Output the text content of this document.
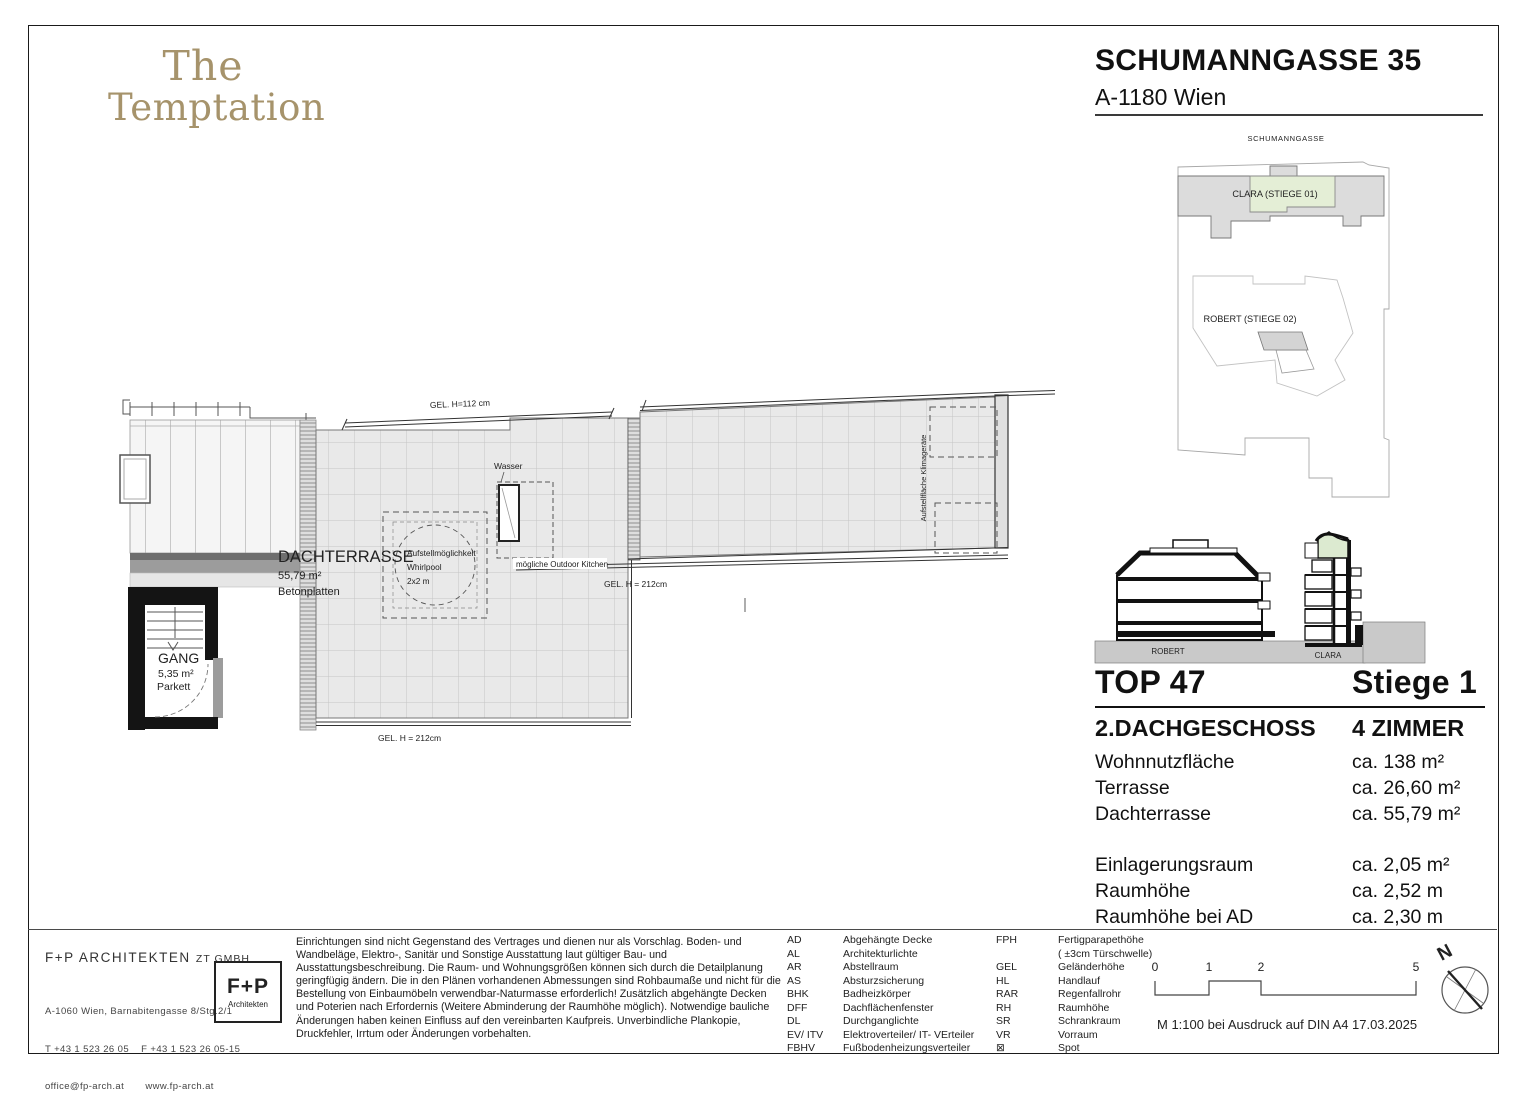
The
Temptation
SCHUMANNGASSE 35
A-1180 Wien
SCHUMANNGASSE
CLARA (STIEGE 01)
ROBERT (STIEGE 02)
GANG
5,35 m²
Parkett
GEL. H=112 cm
Aufstellfläche Klimageräte
GEL. H = 212cm
GEL. H = 212cm
Aufstellmöglichkeit
Whirlpool
2x2 m
Wasser
mögliche Outdoor Kitchen
DACHTERRASSE
55,79 m²
Betonplatten
ROBERT	CLARA
TOP 47	Stiege 1
2.DACHGESCHOSS	4 ZIMMER
Wohnnutzfläche	ca. 138 m²
Terrasse	ca. 26,60 m²
Dachterrasse	ca. 55,79 m²
Einlagerungsraum	ca. 2,05 m²
Raumhöhe	ca. 2,52 m
Raumhöhe bei AD	ca. 2,30 m
F+P ARCHITEKTEN ZT GMBH

A-1060 Wien, Barnabitengasse 8/Stg.2/1

T +43 1 523 26 05    F +43 1 523 26 05-15

office@fp-arch.at       www.fp-arch.at

F+P
Architekten
Einrichtungen sind nicht Gegenstand des Vertrages und dienen nur als Vorschlag. Boden- und Wandbeläge, Elektro-, Sanitär und Sonstige Ausstattung laut gültiger Bau- und Ausstattungsbeschreibung. Die Raum- und Wohnungsgrößen können sich durch die Detailplanung geringfügig ändern. Die in den Plänen vorhandenen Abmessungen sind Rohbaumaße und nicht für die Bestellung von Einbaumöbeln verwendbar-Naturmasse erforderlich! Zusätzlich abgehängte Decken und Poterien nach Erfordernis (Weitere Abminderung der Raumhöhe möglich). Notwendige bauliche Änderungen haben keinen Einfluss auf den vereinbarten Kaufpreis. Unverbindliche Plankopie, Druckfehler, Irrtum oder Änderungen vorbehalten.
AD	Abgehängte Decke
AL	Architekturlichte
AR	Abstellraum
AS	Absturzsicherung
BHK	Badheizkörper
DFF	Dachflächenfenster
DL	Durchganglichte
EV/ ITV	Elektroverteiler/ IT- VErteiler
FBHV	Fußbodenheizungsverteiler
FPH	Fertigparapethöhe
( ±3cm Türschwelle)
GEL	Geländerhöhe
HL	Handlauf
RAR	Regenfallrohr
RH	Raumhöhe
SR	Schrankraum
VR	Vorraum
⊠	Spot
0	1	2	5
M 1:100 bei Ausdruck auf DIN A4 17.03.2025
N
